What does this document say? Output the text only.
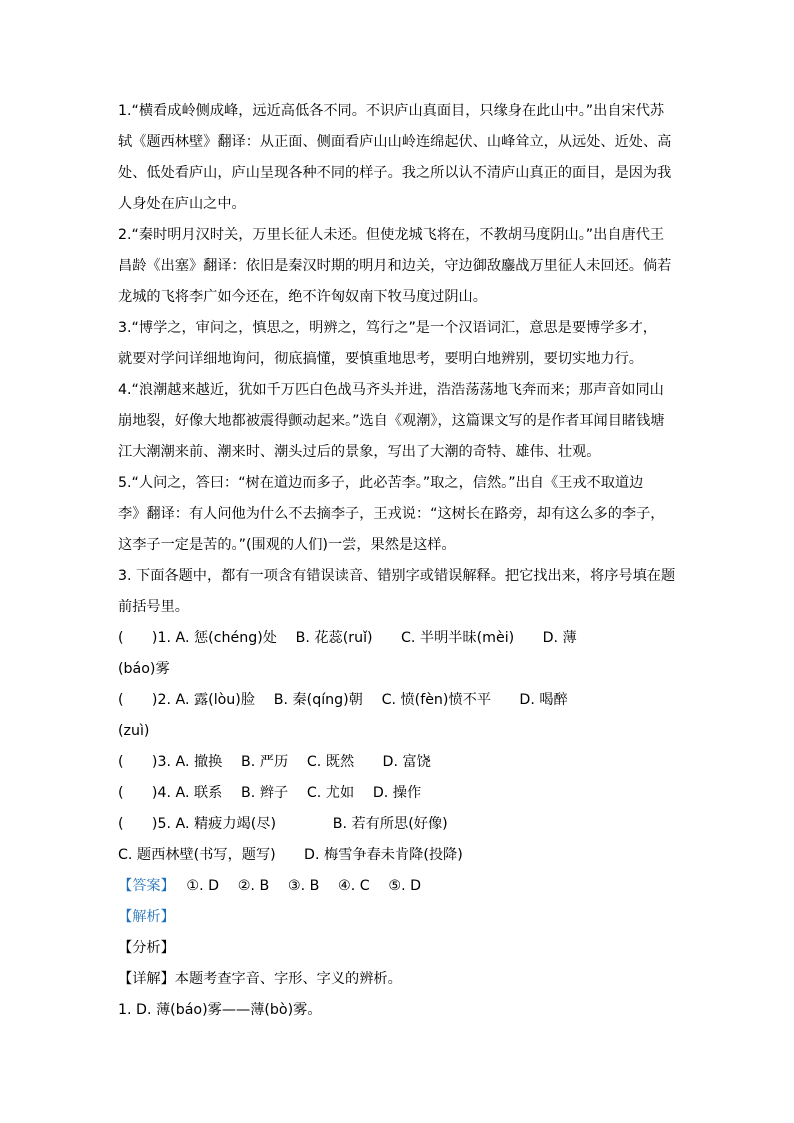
1.“横看成岭侧成峰，远近高低各不同。不识庐山真面目，只缘身在此山中。”出自宋代苏
轼《题西林壁》翻译：从正面、侧面看庐山山岭连绵起伏、山峰耸立，从远处、近处、高
处、低处看庐山，庐山呈现各种不同的样子。我之所以认不清庐山真正的面目，是因为我
人身处在庐山之中。
2.“秦时明月汉时关，万里长征人未还。但使龙城飞将在，不教胡马度阴山。”出自唐代王
昌龄《出塞》翻译：依旧是秦汉时期的明月和边关，守边御敌鏖战万里征人未回还。倘若
龙城的飞将李广如今还在，绝不许匈奴南下牧马度过阴山。
3.“博学之，审问之，慎思之，明辨之，笃行之”是一个汉语词汇，意思是要博学多才，
就要对学问详细地询问，彻底搞懂，要慎重地思考，要明白地辨别，要切实地力行。
4.“浪潮越来越近，犹如千万匹白色战马齐头并进，浩浩荡荡地飞奔而来；那声音如同山
崩地裂，好像大地都被震得颤动起来。”选自《观潮》，这篇课文写的是作者耳闻目睹钱塘
江大潮潮来前、潮来时、潮头过后的景象，写出了大潮的奇特、雄伟、壮观。
5.“人问之，答曰：“树在道边而多子，此必苦李。”取之，信然。”出自《王戎不取道边
李》翻译：有人问他为什么不去摘李子，王戎说：“这树长在路旁，却有这么多的李子，
这李子一定是苦的。”(围观的人们)一尝，果然是这样。
3. 下面各题中，都有一项含有错误读音、错别字或错误解释。把它找出来，将序号填在题
前括号里。
(　　)1. A. 惩(chéng)处　 B. 花蕊(ruǐ)　　C. 半明半昧(mèi)　　D. 薄
(báo)雾
(　　)2. A. 露(lòu)脸　 B. 秦(qíng)朝　 C. 愤(fèn)愤不平　　D. 喝醉
(zuì)
(　　)3. A. 撤换　 B. 严历　 C. 既然　　D. 富饶
(　　)4. A. 联系　 B. 辫子　 C. 尤如　 D. 操作
(　　)5. A. 精疲力竭(尽)　　　　B. 若有所思(好像)
C. 题西林壁(书写，题写)　　D. 梅雪争春未肯降(投降)
【答案】　 ①. D　 ②. B　 ③. B　 ④. C　 ⑤. D
【解析】
【分析】
【详解】本题考查字音、字形、字义的辨析。
1. D. 薄(báo)雾——薄(bò)雾。
